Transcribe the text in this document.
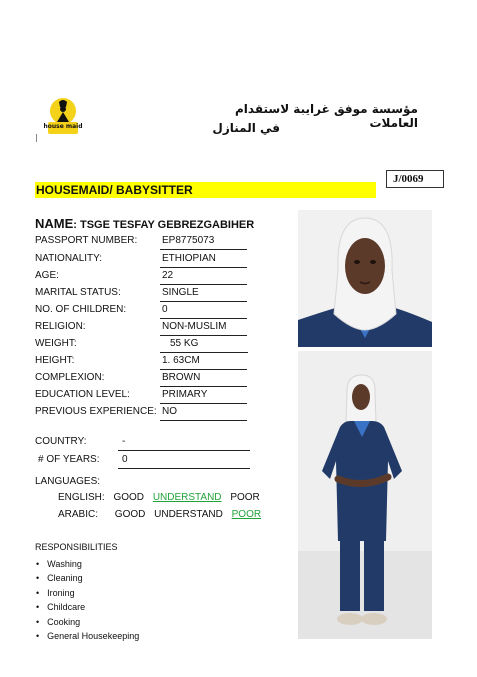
house maid
مؤسسة موفق غرايبة لاستقدام العاملات
في المنازل
J/0069
HOUSEMAID/ BABYSITTER
NAME: TSGE TESFAY GEBREZGABIHER
PASSPORT NUMBER: EP8775073
NATIONALITY:	ETHIOPIAN
AGE:	22
MARITAL STATUS:	SINGLE
NO. OF CHILDREN:	0
RELIGION:	NON-MUSLIM
WEIGHT:	55 KG
HEIGHT:	1. 63CM
COMPLEXION:	BROWN
EDUCATION LEVEL:	PRIMARY
PREVIOUS EXPERIENCE: NO
COUNTRY:	-
# OF YEARS:	0
LANGUAGES:
ENGLISH: GOOD UNDERSTAND POOR
ARABIC: GOOD UNDERSTAND POOR
RESPONSIBILITIES
• Washing
• Cleaning
• Ironing
• Childcare
• Cooking
• General Housekeeping
